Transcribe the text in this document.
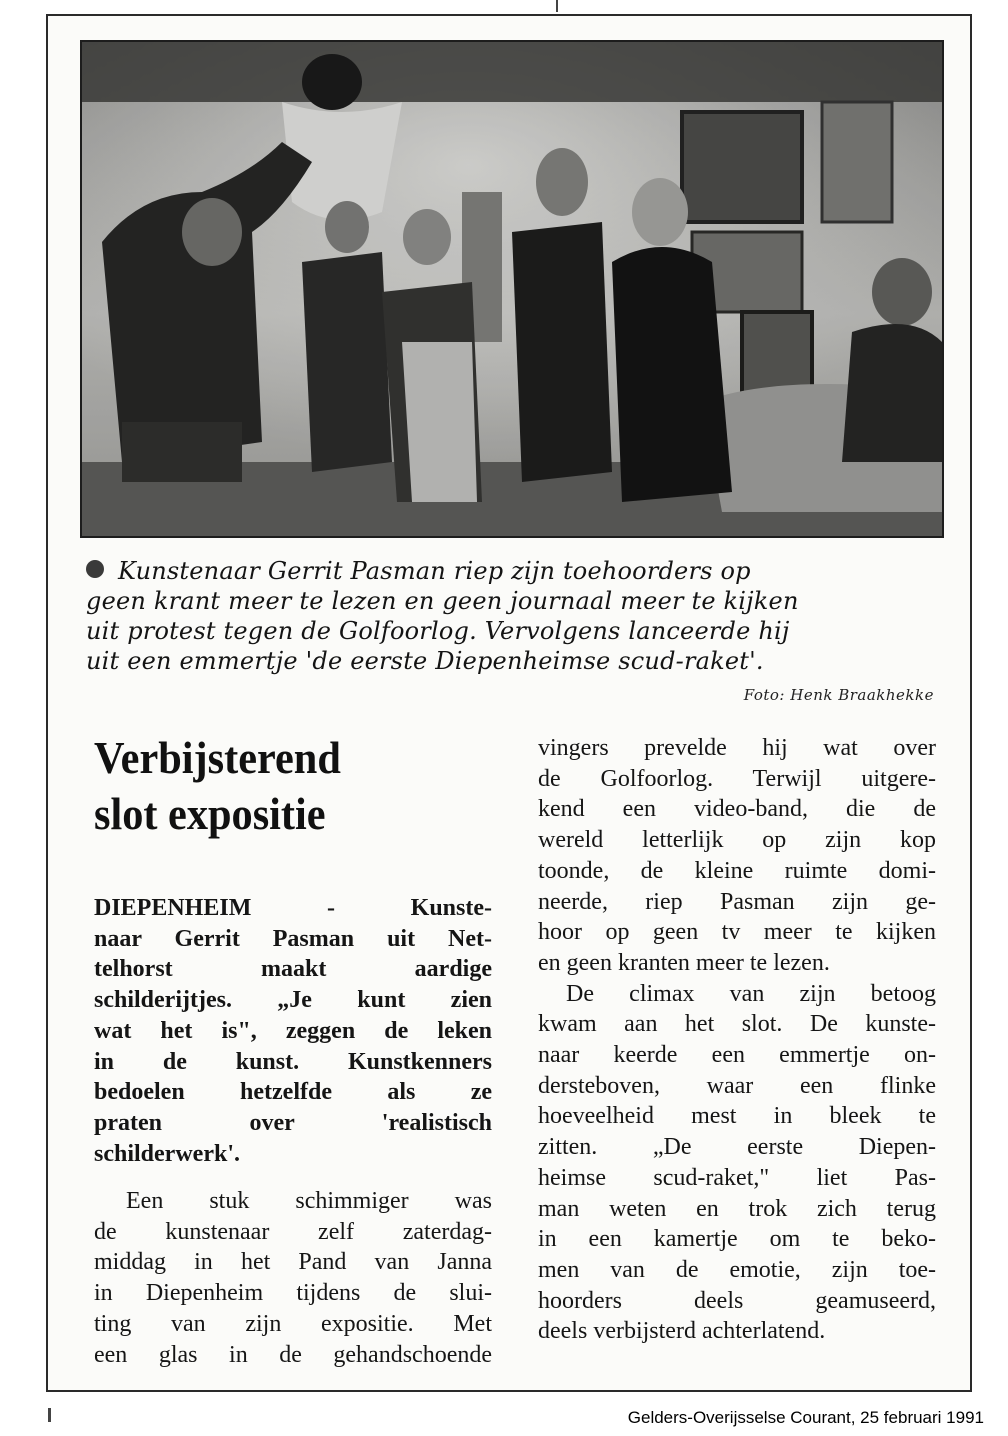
Kunstenaar Gerrit Pasman riep zijn toehoorders op

geen krant meer te lezen en geen journaal meer te kijken

uit protest tegen de Golfoorlog. Vervolgens lanceerde hij

uit een emmertje 'de eerste Diepenheimse scud-raket'.

Foto: Henk Braakhekke

Verbijsterend

slot expositie

DIEPENHEIM - Kunste-

naar Gerrit Pasman uit Net-

telhorst maakt aardige

schilderijtjes. „Je kunt zien

wat het is", zeggen de leken

in de kunst. Kunstkenners

bedoelen hetzelfde als ze

praten over 'realistisch

schilderwerk'.

Een stuk schimmiger was

de kunstenaar zelf zaterdag-

middag in het Pand van Janna

in Diepenheim tijdens de slui-

ting van zijn expositie. Met

een glas in de gehandschoende

vingers prevelde hij wat over

de Golfoorlog. Terwijl uitgere-

kend een video-band, die de

wereld letterlijk op zijn kop

toonde, de kleine ruimte domi-

neerde, riep Pasman zijn ge-

hoor op geen tv meer te kijken

en geen kranten meer te lezen.

De climax van zijn betoog

kwam aan het slot. De kunste-

naar keerde een emmertje on-

dersteboven, waar een flinke

hoeveelheid mest in bleek te

zitten. „De eerste Diepen-

heimse scud-raket," liet Pas-

man weten en trok zich terug

in een kamertje om te beko-

men van de emotie, zijn toe-

hoorders deels geamuseerd,

deels verbijsterd achterlatend.

Gelders-Overijsselse Courant, 25 februari 1991
